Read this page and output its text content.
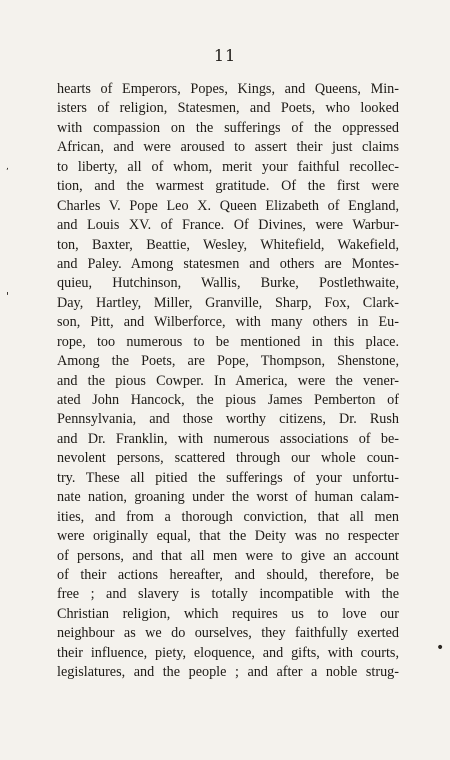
11
hearts of Emperors, Popes, Kings, and Queens, Min-
isters of religion, Statesmen, and Poets, who looked
with compassion on the sufferings of the oppressed
African, and were aroused to assert their just claims
to liberty, all of whom, merit your faithful recollec-
tion, and the warmest gratitude. Of the first were
Charles V. Pope Leo X. Queen Elizabeth of England,
and Louis XV. of France. Of Divines, were Warbur-
ton, Baxter, Beattie, Wesley, Whitefield, Wakefield,
and Paley. Among statesmen and others are Montes-
quieu, Hutchinson, Wallis, Burke, Postlethwaite,
Day, Hartley, Miller, Granville, Sharp, Fox, Clark-
son, Pitt, and Wilberforce, with many others in Eu-
rope, too numerous to be mentioned in this place.
Among the Poets, are Pope, Thompson, Shenstone,
and the pious Cowper. In America, were the vener-
ated John Hancock, the pious James Pemberton of
Pennsylvania, and those worthy citizens, Dr. Rush
and Dr. Franklin, with numerous associations of be-
nevolent persons, scattered through our whole coun-
try. These all pitied the sufferings of your unfortu-
nate nation, groaning under the worst of human calam-
ities, and from a thorough conviction, that all men
were originally equal, that the Deity was no respecter
of persons, and that all men were to give an account
of their actions hereafter, and should, therefore, be
free ; and slavery is totally incompatible with the
Christian religion, which requires us to love our
neighbour as we do ourselves, they faithfully exerted
their influence, piety, eloquence, and gifts, with courts,
legislatures, and the people ; and after a noble strug-
,
'
•
